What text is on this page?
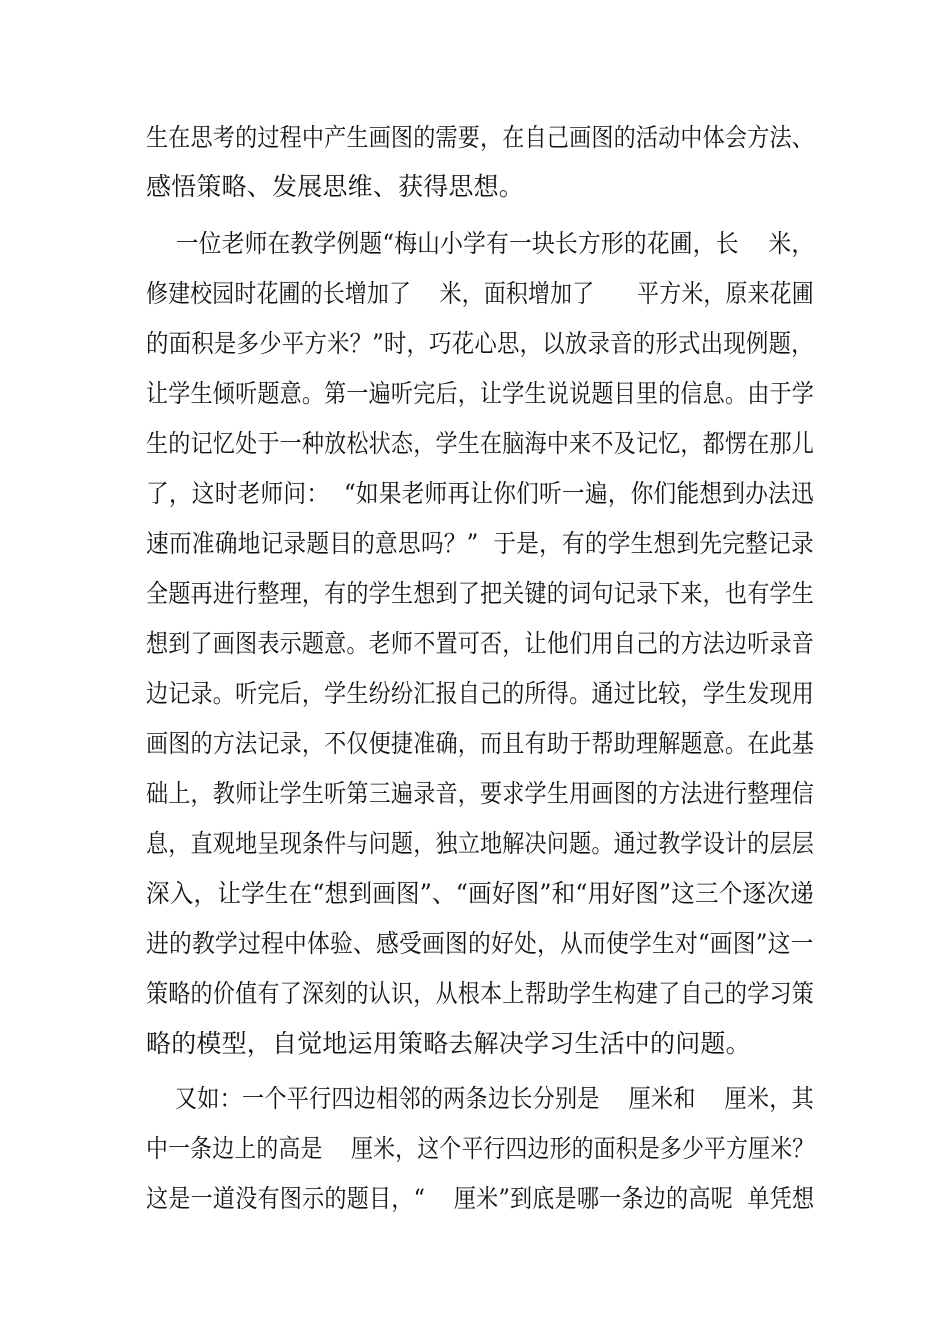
生在思考的过程中产生画图的需要，在自己画图的活动中体会方法、
感悟策略、发展思维、获得思想。
一位老师在教学例题“梅山小学有一块长方形的花圃，长    米，
修建校园时花圃的长增加了    米，面积增加了      平方米，原来花圃
的面积是多少平方米？”时，巧花心思，以放录音的形式出现例题，
让学生倾听题意。第一遍听完后，让学生说说题目里的信息。由于学
生的记忆处于一种放松状态，学生在脑海中来不及记忆，都愣在那儿
了，这时老师问：  “如果老师再让你们听一遍，你们能想到办法迅
速而准确地记录题目的意思吗？”  于是，有的学生想到先完整记录
全题再进行整理，有的学生想到了把关键的词句记录下来，也有学生
想到了画图表示题意。老师不置可否，让他们用自己的方法边听录音
边记录。听完后，学生纷纷汇报自己的所得。通过比较，学生发现用
画图的方法记录，不仅便捷准确，而且有助于帮助理解题意。在此基
础上，教师让学生听第三遍录音，要求学生用画图的方法进行整理信
息，直观地呈现条件与问题，独立地解决问题。通过教学设计的层层
深入，让学生在“想到画图”、“画好图”和“用好图”这三个逐次递
进的教学过程中体验、感受画图的好处，从而使学生对“画图”这一
策略的价值有了深刻的认识，从根本上帮助学生构建了自己的学习策
略的模型，自觉地运用策略去解决学习生活中的问题。
又如：一个平行四边相邻的两条边长分别是    厘米和    厘米，其
中一条边上的高是    厘米，这个平行四边形的面积是多少平方厘米？
这是一道没有图示的题目，“    厘米”到底是哪一条边的高呢  单凭想
